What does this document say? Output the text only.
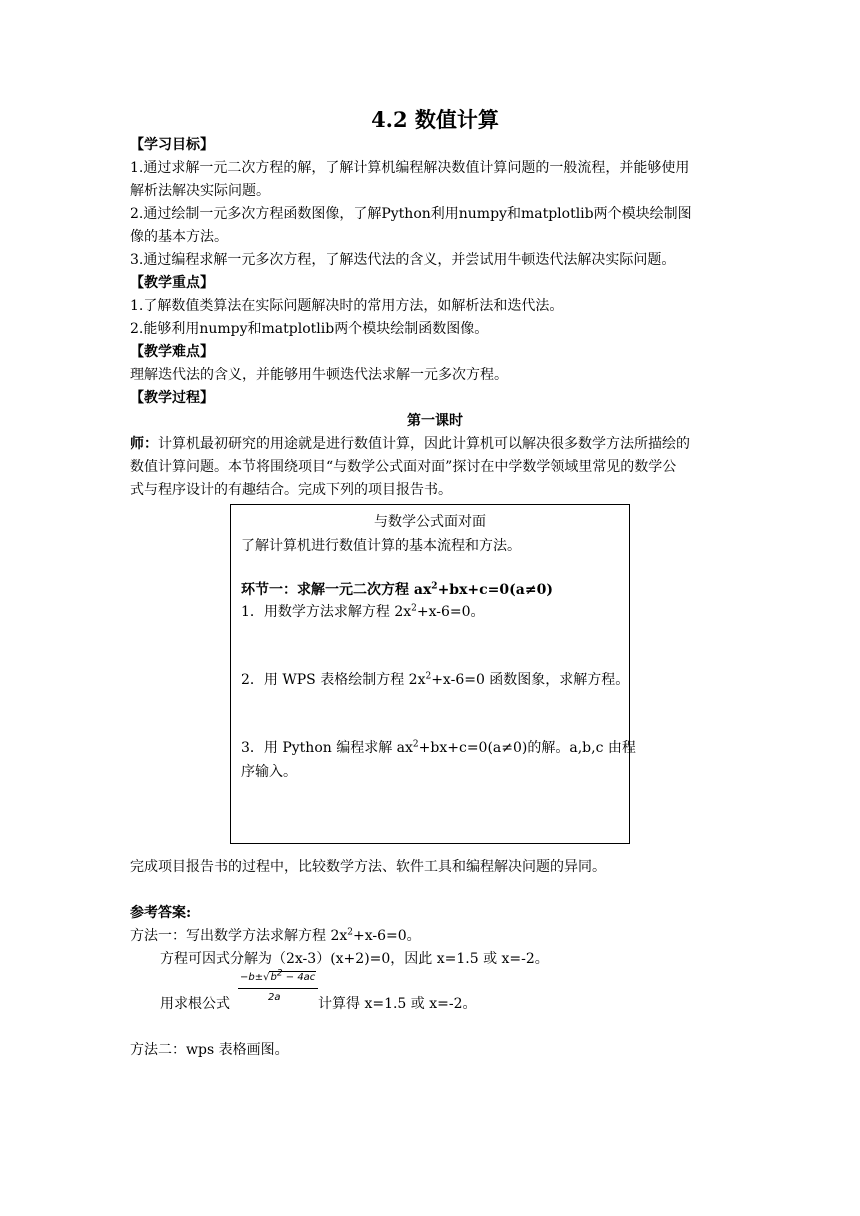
4.2 数值计算
【学习目标】
1.通过求解一元二次方程的解，了解计算机编程解决数值计算问题的一般流程，并能够使用
解析法解决实际问题。
2.通过绘制一元多次方程函数图像，了解Python利用numpy和matplotlib两个模块绘制图
像的基本方法。
3.通过编程求解一元多次方程，了解迭代法的含义，并尝试用牛顿迭代法解决实际问题。
【教学重点】
1.了解数值类算法在实际问题解决时的常用方法，如解析法和迭代法。
2.能够利用numpy和matplotlib两个模块绘制函数图像。
【教学难点】
理解迭代法的含义，并能够用牛顿迭代法求解一元多次方程。
【教学过程】
第一课时
师：计算机最初研究的用途就是进行数值计算，因此计算机可以解决很多数学方法所描绘的
数值计算问题。本节将围绕项目“与数学公式面对面”探讨在中学数学领域里常见的数学公
式与程序设计的有趣结合。完成下列的项目报告书。
与数学公式面对面
了解计算机进行数值计算的基本流程和方法。
环节一：求解一元二次方程 $ax^2+bx+c=0(a\ne 0)$
1．用数学方法求解方程 $2x^2+x-6=0$。
2．用 WPS 表格绘制方程 $2x^2+x-6=0$ 函数图象，求解方程。
3．用 Python 编程求解 $ax^2+bx+c=0(a\ne 0)$的解。a,b,c 由程
序输入。
完成项目报告书的过程中，比较数学方法、软件工具和编程解决问题的异同。
参考答案:
方法一：写出数学方法求解方程 $2x^2+x-6=0$。
方程可因式分解为（2x-3）(x+2)=0，因此 x=1.5 或 x=-2。
用求根公式
$-b\pm√b^2 - 4ac$
2a	计算得 x=1.5 或 x=-2。
方法二：wps 表格画图。
